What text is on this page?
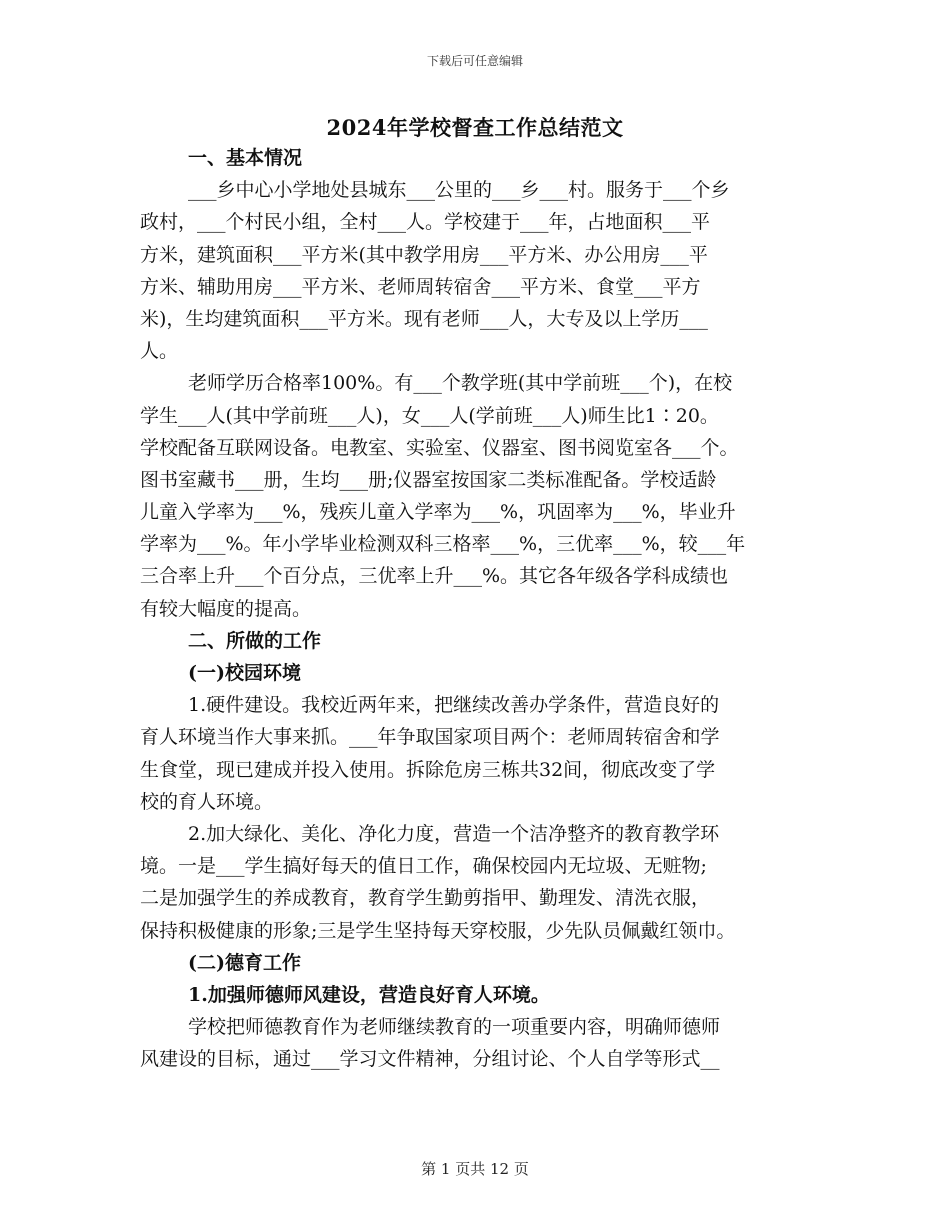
下载后可任意编辑
2024年学校督查工作总结范文
一、基本情况
___乡中心小学地处县城东___公里的___乡___村。服务于___个乡
政村，___个村民小组，全村___人。学校建于___年，占地面积___平
方米，建筑面积___平方米(其中教学用房___平方米、办公用房___平
方米、辅助用房___平方米、老师周转宿舍___平方米、食堂___平方
米)，生均建筑面积___平方米。现有老师___人，大专及以上学历___
人。
老师学历合格率100%。有___个教学班(其中学前班___个)，在校
学生___人(其中学前班___人)，女___人(学前班___人)师生比1∶20。
学校配备互联网设备。电教室、实验室、仪器室、图书阅览室各___个。
图书室藏书___册，生均___册;仪器室按国家二类标准配备。学校适龄
儿童入学率为___%，残疾儿童入学率为___%，巩固率为___%，毕业升
学率为___%。年小学毕业检测双科三格率___%，三优率___%，较___年
三合率上升___个百分点，三优率上升___%。其它各年级各学科成绩也
有较大幅度的提高。
二、所做的工作
(一)校园环境
1.硬件建设。我校近两年来，把继续改善办学条件，营造良好的
育人环境当作大事来抓。___年争取国家项目两个：老师周转宿舍和学
生食堂，现已建成并投入使用。拆除危房三栋共32间，彻底改变了学
校的育人环境。
2.加大绿化、美化、净化力度，营造一个洁净整齐的教育教学环
境。一是___学生搞好每天的值日工作，确保校园内无垃圾、无赃物;
二是加强学生的养成教育，教育学生勤剪指甲、勤理发、清洗衣服，
保持积极健康的形象;三是学生坚持每天穿校服，少先队员佩戴红领巾。
(二)德育工作
1.加强师德师风建设，营造良好育人环境。
学校把师德教育作为老师继续教育的一项重要内容，明确师德师
风建设的目标，通过___学习文件精神，分组讨论、个人自学等形式__
第 1 页共 12 页
